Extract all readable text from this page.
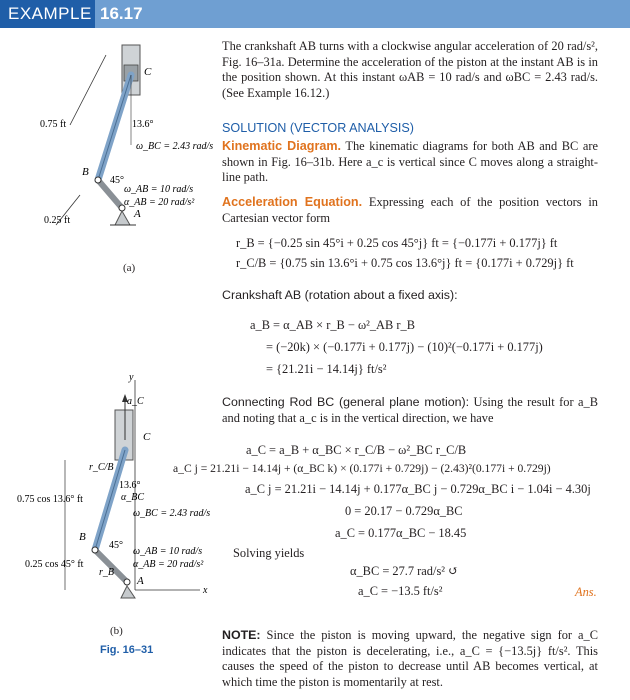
EXAMPLE 16.17
The crankshaft AB turns with a clockwise angular acceleration of 20 rad/s², Fig. 16–31a. Determine the acceleration of the piston at the instant AB is in the position shown. At this instant ωAB = 10 rad/s and ωBC = 2.43 rad/s. (See Example 16.12.)
SOLUTION (VECTOR ANALYSIS)
Kinematic Diagram. The kinematic diagrams for both AB and BC are shown in Fig. 16–31b. Here a_c is vertical since C moves along a straight-line path.
Acceleration Equation. Expressing each of the position vectors in Cartesian vector form
r_B = {−0.25 sin 45°i + 0.25 cos 45°j} ft = {−0.177i + 0.177j} ft
r_C/B = {0.75 sin 13.6°i + 0.75 cos 13.6°j} ft = {0.177i + 0.729j} ft
Crankshaft AB (rotation about a fixed axis):
a_B = α_AB × r_B − ω²_AB r_B
= (−20k) × (−0.177i + 0.177j) − (10)²(−0.177i + 0.177j)
= {21.21i − 14.14j} ft/s²
Connecting Rod BC (general plane motion): Using the result for a_B and noting that a_c is in the vertical direction, we have
a_C = a_B + α_BC × r_C/B − ω²_BC r_C/B
a_C j = 21.21i − 14.14j + (α_BC k) × (0.177i + 0.729j) − (2.43)²(0.177i + 0.729j)
a_C j = 21.21i − 14.14j + 0.177α_BC j − 0.729α_BC i − 1.04i − 4.30j
0 = 20.17 − 0.729α_BC
a_C = 0.177α_BC − 18.45
Solving yields
α_BC = 27.7 rad/s² ↺
a_C = −13.5 ft/s²	Ans.
NOTE: Since the piston is moving upward, the negative sign for a_C indicates that the piston is decelerating, i.e., a_C = {−13.5j} ft/s². This causes the speed of the piston to decrease until AB becomes vertical, at which time the piston is momentarily at rest.
C
0.75 ft	13.6°
ω_BC = 2.43 rad/s
B
45°
ω_AB = 10 rad/s
α_AB = 20 rad/s²
A
0.25 ft
(a)
y
x
a_C
C
r_C/B
13.6°
α_BC
0.75 cos 13.6° ft
ω_BC = 2.43 rad/s
B
45°
ω_AB = 10 rad/s
α_AB = 20 rad/s²
0.25 cos 45° ft
r_B
A
(b)
Fig. 16–31
